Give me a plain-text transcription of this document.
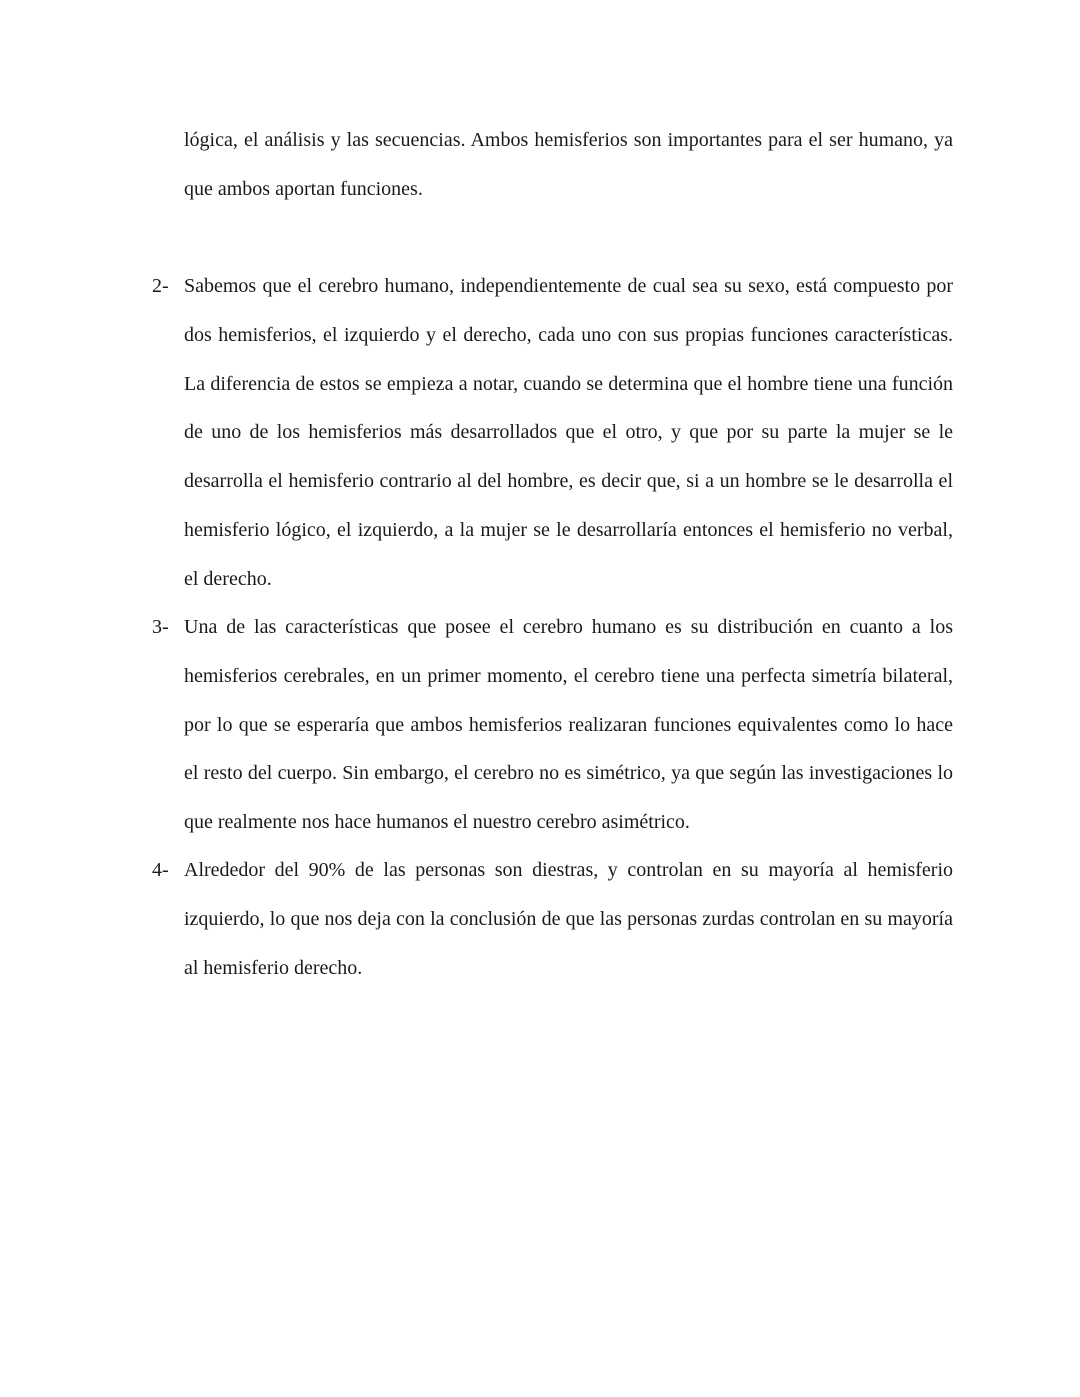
lógica, el análisis y las secuencias. Ambos hemisferios son importantes para el ser humano, ya que ambos aportan funciones.

2- Sabemos que el cerebro humano, independientemente de cual sea su sexo, está compuesto por dos hemisferios, el izquierdo y el derecho, cada uno con sus propias funciones características. La diferencia de estos se empieza a notar, cuando se determina que el hombre tiene una función de uno de los hemisferios más desarrollados que el otro, y que por su parte la mujer se le desarrolla el hemisferio contrario al del hombre, es decir que, si a un hombre se le desarrolla el hemisferio lógico, el izquierdo, a la mujer se le desarrollaría entonces el hemisferio no verbal, el derecho.

3- Una de las características que posee el cerebro humano es su distribución en cuanto a los hemisferios cerebrales, en un primer momento, el cerebro tiene una perfecta simetría bilateral, por lo que se esperaría que ambos hemisferios realizaran funciones equivalentes como lo hace el resto del cuerpo. Sin embargo, el cerebro no es simétrico, ya que según las investigaciones lo que realmente nos hace humanos el nuestro cerebro asimétrico.

4- Alrededor del 90% de las personas son diestras, y controlan en su mayoría al hemisferio izquierdo, lo que nos deja con la conclusión de que las personas zurdas controlan en su mayoría al hemisferio derecho.
